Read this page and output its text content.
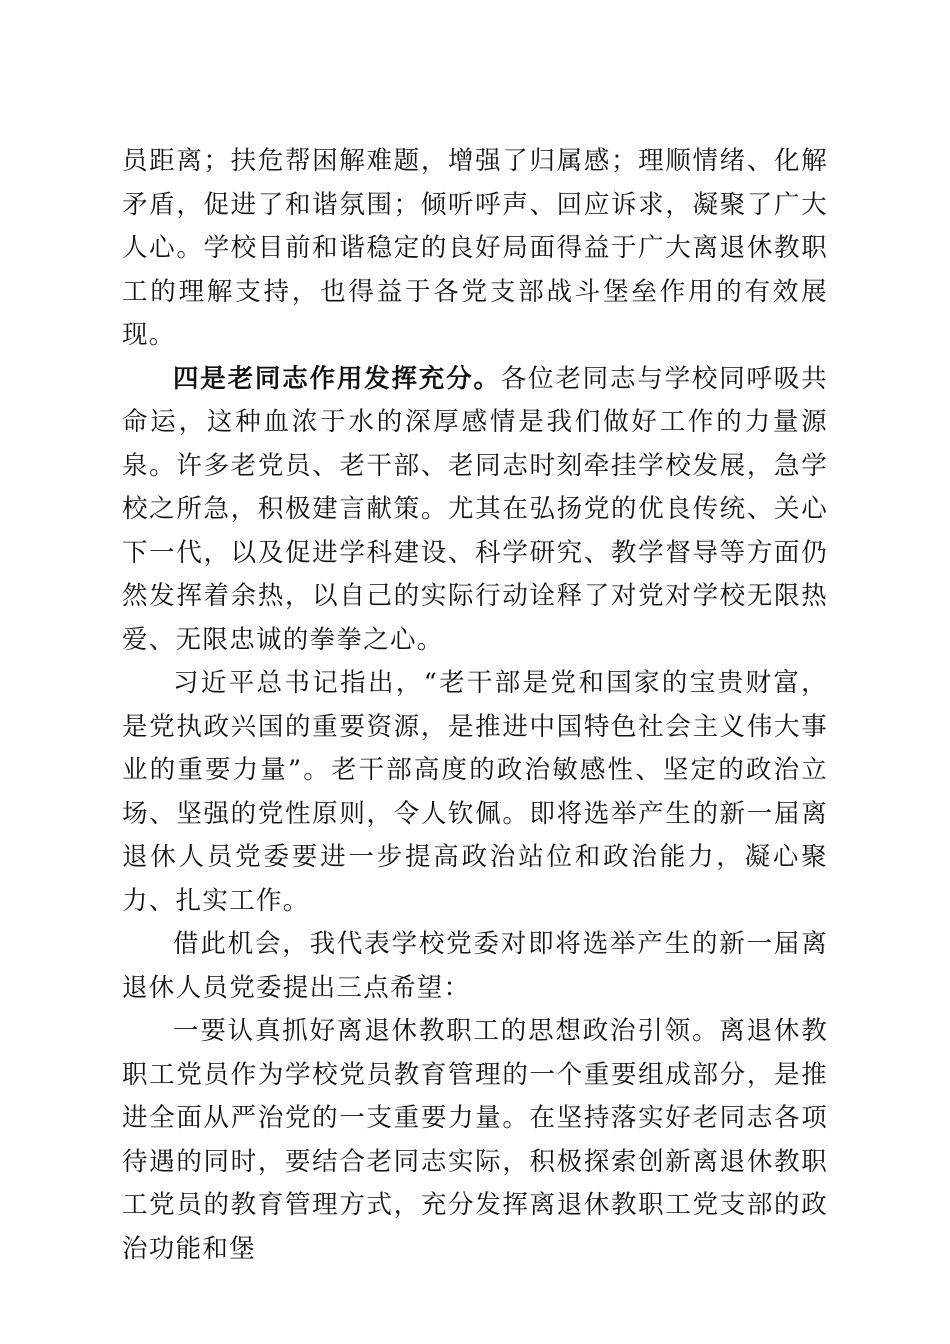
员距离；扶危帮困解难题，增强了归属感；理顺情绪、化解矛盾，促进了和谐氛围；倾听呼声、回应诉求，凝聚了广大人心。学校目前和谐稳定的良好局面得益于广大离退休教职工的理解支持，也得益于各党支部战斗堡垒作用的有效展现。

四是老同志作用发挥充分。各位老同志与学校同呼吸共命运，这种血浓于水的深厚感情是我们做好工作的力量源泉。许多老党员、老干部、老同志时刻牵挂学校发展，急学校之所急，积极建言献策。尤其在弘扬党的优良传统、关心下一代，以及促进学科建设、科学研究、教学督导等方面仍然发挥着余热，以自己的实际行动诠释了对党对学校无限热爱、无限忠诚的拳拳之心。

习近平总书记指出，“老干部是党和国家的宝贵财富，是党执政兴国的重要资源，是推进中国特色社会主义伟大事业的重要力量”。老干部高度的政治敏感性、坚定的政治立场、坚强的党性原则，令人钦佩。即将选举产生的新一届离退休人员党委要进一步提高政治站位和政治能力，凝心聚力、扎实工作。

借此机会，我代表学校党委对即将选举产生的新一届离退休人员党委提出三点希望：

一要认真抓好离退休教职工的思想政治引领。离退休教职工党员作为学校党员教育管理的一个重要组成部分，是推进全面从严治党的一支重要力量。在坚持落实好老同志各项待遇的同时，要结合老同志实际，积极探索创新离退休教职工党员的教育管理方式，充分发挥离退休教职工党支部的政治功能和堡
